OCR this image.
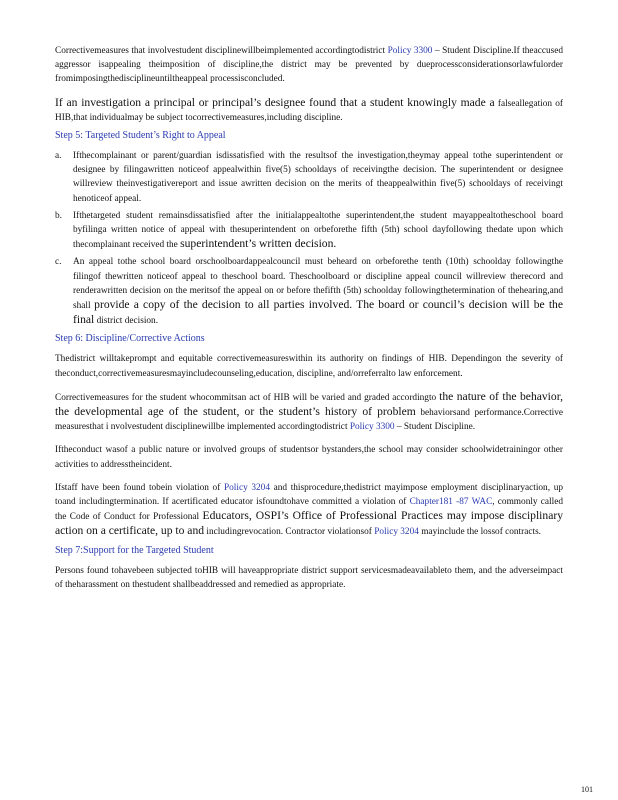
Correctivemeasures that involvestudent disciplinewillbeimplemented accordingtodistrict Policy 3300 – Student Discipline.If theaccused aggressor isappealing theimposition of discipline,the district may be prevented by dueprocessconsiderationsorlawfulorder fromimposingthedisciplineuntiltheappeal processisconcluded.

If an investigation a principal or principal’s designee found that a student knowingly made a falseallegation of HIB,that individualmay be subject tocorrectivemeasures,including discipline.

Step 5: Targeted Student’s Right to Appeal
a. Ifthecomplainant or parent/guardian isdissatisfied with the resultsof the investigation,theymay appeal tothe superintendent or designee by filingawritten noticeof appealwithin five(5) schooldays of receivingthe decision. The superintendent or designee willreview theinvestigativereport and issue awritten decision on the merits of theappealwithin five(5) schooldays of receivingt henoticeof appeal.

b. Ifthetargeted student remainsdissatisfied after the initialappealtothe superintendent,the student mayappealtotheschool board byfilinga written notice of appeal with thesuperintendent on orbeforethe fifth (5th) school dayfollowing thedate upon which thecomplainant received the superintendent’s written decision.

c. An appeal tothe school board orschoolboardappealcouncil must beheard on orbeforethe tenth (10th) schoolday followingthe filingof thewritten noticeof appeal to theschool board. Theschoolboard or discipline appeal council willreview therecord and renderawritten decision on the meritsof the appeal on or before thefifth (5th) schoolday followingthetermination of thehearing,and shall provide a copy of the decision to all parties involved. The board or council’s decision will be the final district decision.

Step 6: Discipline/Corrective Actions

Thedistrict willtakeprompt and equitable correctivemeasureswithin its authority on findings of HIB. Dependingon the severity of theconduct,correctivemeasuresmayincludecounseling,education, discipline, and/orreferralto law enforcement.

Correctivemeasures for the student whocommitsan act of HIB will be varied and graded accordingto the nature of the behavior, the developmental age of the student, or the student’s history of problem behaviorsand performance.Corrective measuresthat i nvolvestudent disciplinewillbe implemented accordingtodistrict Policy 3300 – Student Discipline.

Iftheconduct wasof a public nature or involved groups of studentsor bystanders,the school may consider schoolwidetrainingor other activities to addresstheincident.

Ifstaff have been found tobein violation of Policy 3204 and thisprocedure,thedistrict mayimpose employment disciplinaryaction, up toand includingtermination. If acertificated educator isfoundtohave committed a violation of Chapter181 -87 WAC, commonly called the Code of Conduct for Professional Educators, OSPI’s Office of Professional Practices may impose disciplinary action on a certificate, up to and includingrevocation. Contractor violationsof Policy 3204 mayinclude the lossof contracts.

Step 7:Support for the Targeted Student

Persons found tohavebeen subjected toHIB will haveappropriate district support servicesmadeavailableto them, and the adverseimpact of theharassment on thestudent shallbeaddressed and remedied as appropriate.

101
